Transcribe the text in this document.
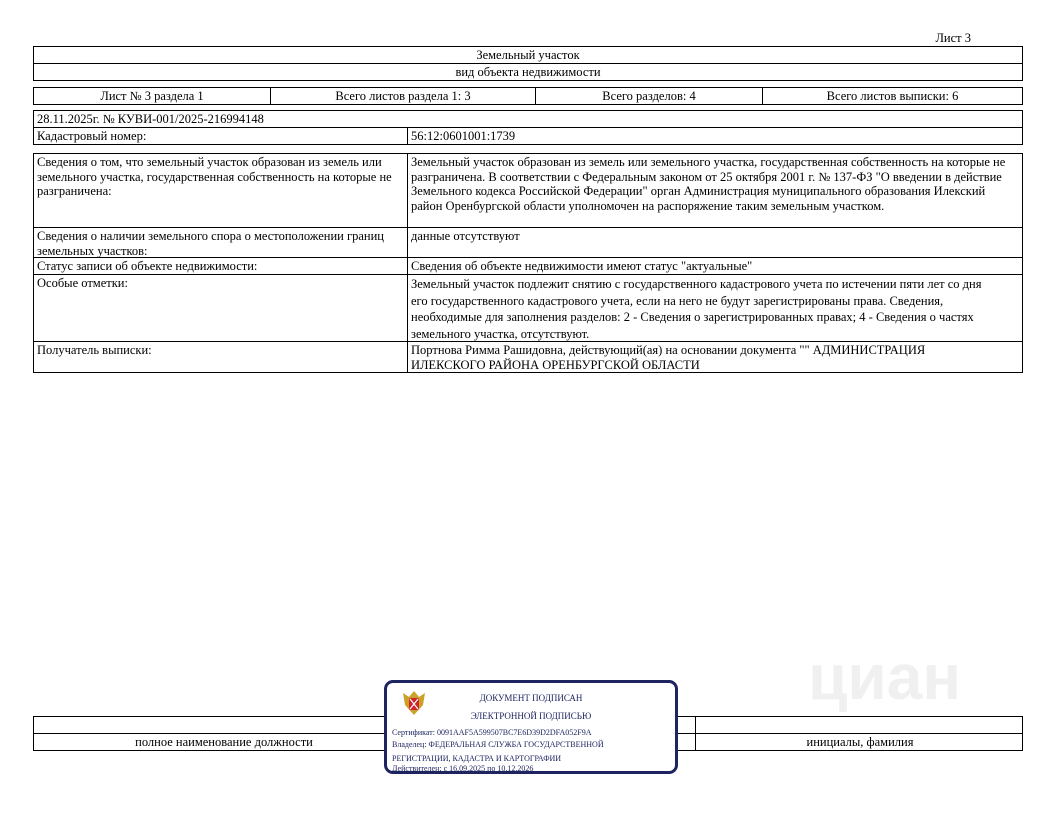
Лист 3
Земельный участок
вид объекта недвижимости
Лист № 3 раздела 1	Всего листов раздела 1: 3	Всего разделов: 4	Всего листов выписки: 6
28.11.2025г. № КУВИ-001/2025-216994148
Кадастровый номер:	56:12:0601001:1739
Сведения о том, что земельный участок образован из земель или земельного участка, государственная собственность на которые не разграничена:
Земельный участок образован из земель или земельного участка, государственная собственность на которые не разграничена. В соответствии с Федеральным законом от 25 октября 2001 г. № 137-ФЗ "О введении в действие Земельного кодекса Российской Федерации" орган Администрация муниципального образования Илекский район Оренбургской области уполномочен на распоряжение таким земельным участком.
Сведения о наличии земельного спора о местоположении границ земельных участков:
данные отсутствуют
Статус записи об объекте недвижимости:	Сведения об объекте недвижимости имеют статус "актуальные"
Особые отметки:	Земельный участок подлежит снятию с государственного кадастрового учета по истечении пяти лет со дня его государственного кадастрового учета, если на него не будут зарегистрированы права. Сведения, необходимые для заполнения разделов: 2 - Сведения о зарегистрированных правах; 4 - Сведения о частях земельного участка, отсутствуют.
Получатель выписки:	Портнова Римма Рашидовна, действующий(ая) на основании документа "" АДМИНИСТРАЦИЯ ИЛЕКСКОГО РАЙОНА ОРЕНБУРГСКОЙ ОБЛАСТИ
циан
полное наименование должности	инициалы, фамилия
ДОКУМЕНТ ПОДПИСАН
ЭЛЕКТРОННОЙ ПОДПИСЬЮ
Сертификат: 0091AAF5A599507BC7E6D39D2DFA052F9A
Владелец: ФЕДЕРАЛЬНАЯ СЛУЖБА ГОСУДАРСТВЕННОЙ
РЕГИСТРАЦИИ, КАДАСТРА И КАРТОГРАФИИ
Действителен: с 16.09.2025 по 10.12.2026
